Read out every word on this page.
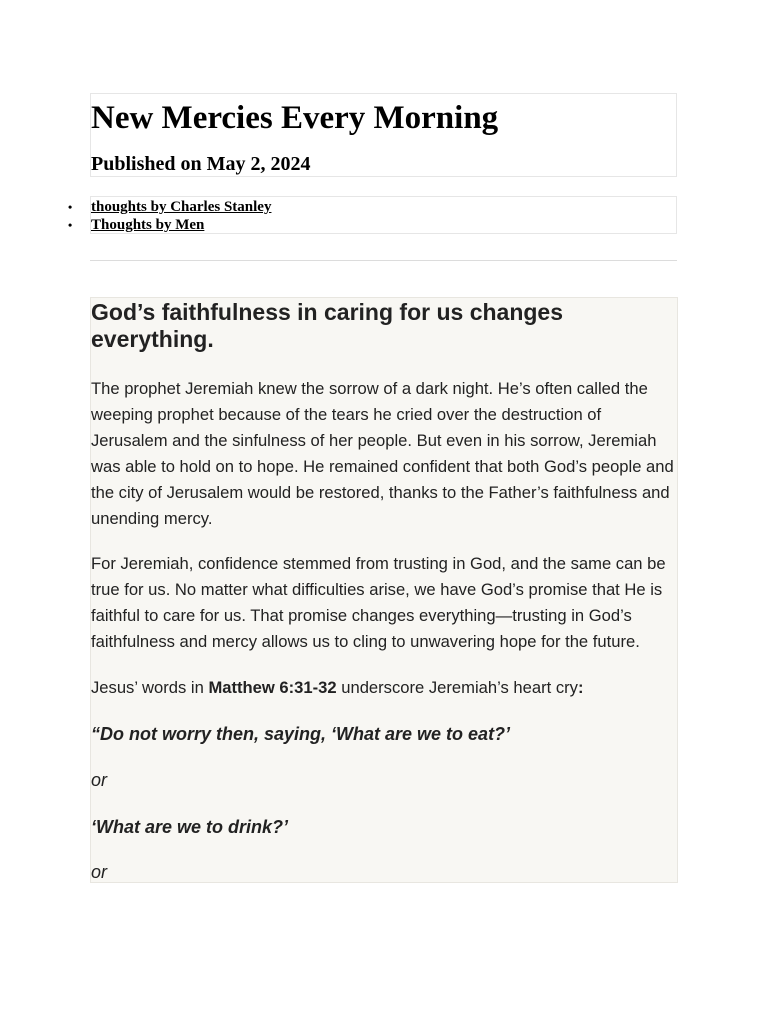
New Mercies Every Morning
Published on May 2, 2024
• thoughts by Charles Stanley
• Thoughts by Men
God’s faithfulness in caring for us changes everything.

The prophet Jeremiah knew the sorrow of a dark night. He’s often called the weeping prophet because of the tears he cried over the destruction of Jerusalem and the sinfulness of her people. But even in his sorrow, Jeremiah was able to hold on to hope. He remained confident that both God’s people and the city of Jerusalem would be restored, thanks to the Father’s faithfulness and unending mercy.

For Jeremiah, confidence stemmed from trusting in God, and the same can be true for us. No matter what difficulties arise, we have God’s promise that He is faithful to care for us. That promise changes everything—trusting in God’s faithfulness and mercy allows us to cling to unwavering hope for the future.

Jesus’ words in Matthew 6:31-32 underscore Jeremiah’s heart cry:

“Do not worry then, saying, ‘What are we to eat?’

or

‘What are we to drink?’

or
